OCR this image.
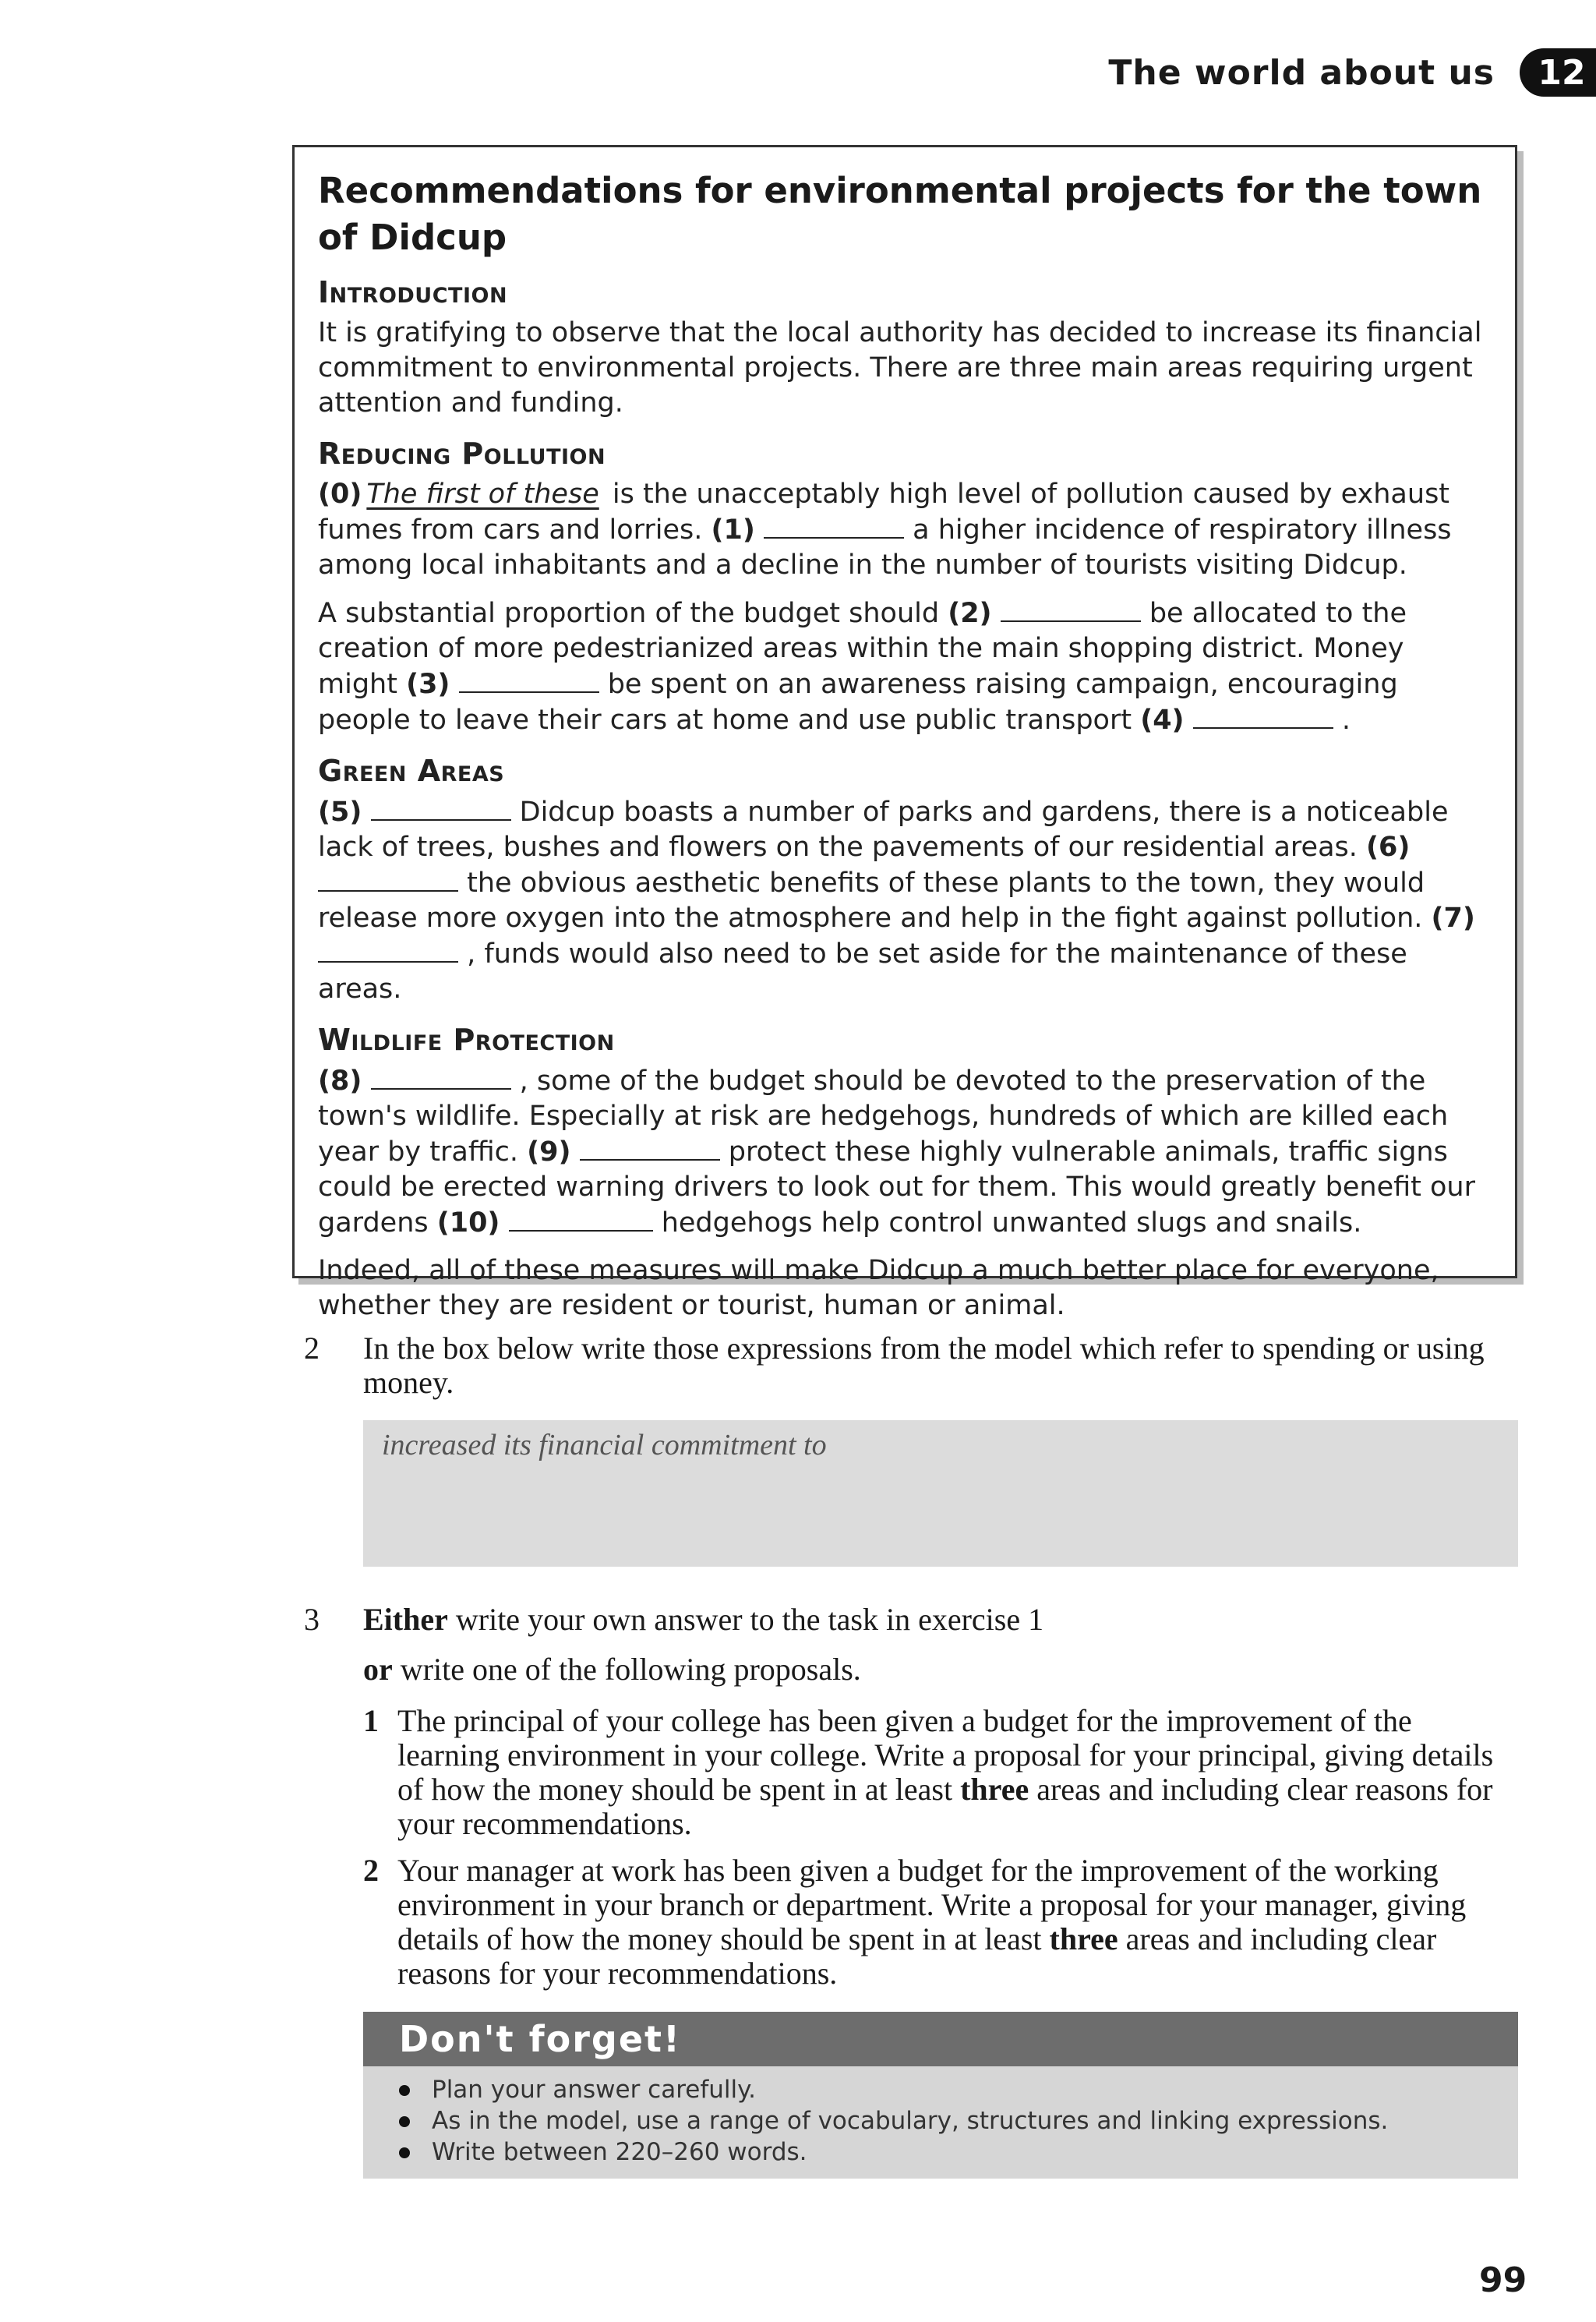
The world about us	12
Recommendations for environmental projects for the town of Didcup
Introduction

It is gratifying to observe that the local authority has decided to increase its financial commitment to environmental projects. There are three main areas requiring urgent attention and funding.

Reducing Pollution

(0) The first of these is the unacceptably high level of pollution caused by exhaust fumes from cars and lorries. (1)	a higher incidence of respiratory illness among local inhabitants and a decline in the number of tourists visiting Didcup.

A substantial proportion of the budget should (2)	be allocated to the creation of more pedestrianized areas within the main shopping district. Money might (3)	be spent on an awareness raising campaign, encouraging people to leave their cars at home and use public transport (4)	.

Green Areas

(5)	Didcup boasts a number of parks and gardens, there is a noticeable lack of trees, bushes and flowers on the pavements of our residential areas. (6)  the obvious aesthetic benefits of these plants to the town, they would release more oxygen into the atmosphere and help in the fight against pollution. (7)  , funds would also need to be set aside for the maintenance of these areas.

Wildlife Protection

(8)	, some of the budget should be devoted to the preservation of the town's wildlife. Especially at risk are hedgehogs, hundreds of which are killed each year by traffic. (9)	protect these highly vulnerable animals, traffic signs could be erected warning drivers to look out for them. This would greatly benefit our gardens (10)	hedgehogs help control unwanted slugs and snails.

Indeed, all of these measures will make Didcup a much better place for everyone, whether they are resident or tourist, human or animal.

2	In the box below write those expressions from the model which refer to spending or using money.
increased its financial commitment to
3	Either write your own answer to the task in exercise 1
or write one of the following proposals.
1 The principal of your college has been given a budget for the improvement of the learning environment in your college. Write a proposal for your principal, giving details of how the money should be spent in at least three areas and including clear reasons for your recommendations.
2 Your manager at work has been given a budget for the improvement of the working environment in your branch or department. Write a proposal for your manager, giving details of how the money should be spent in at least three areas and including clear reasons for your recommendations.
Don't forget!
Plan your answer carefully.
As in the model, use a range of vocabulary, structures and linking expressions.
Write between 220–260 words.
99
